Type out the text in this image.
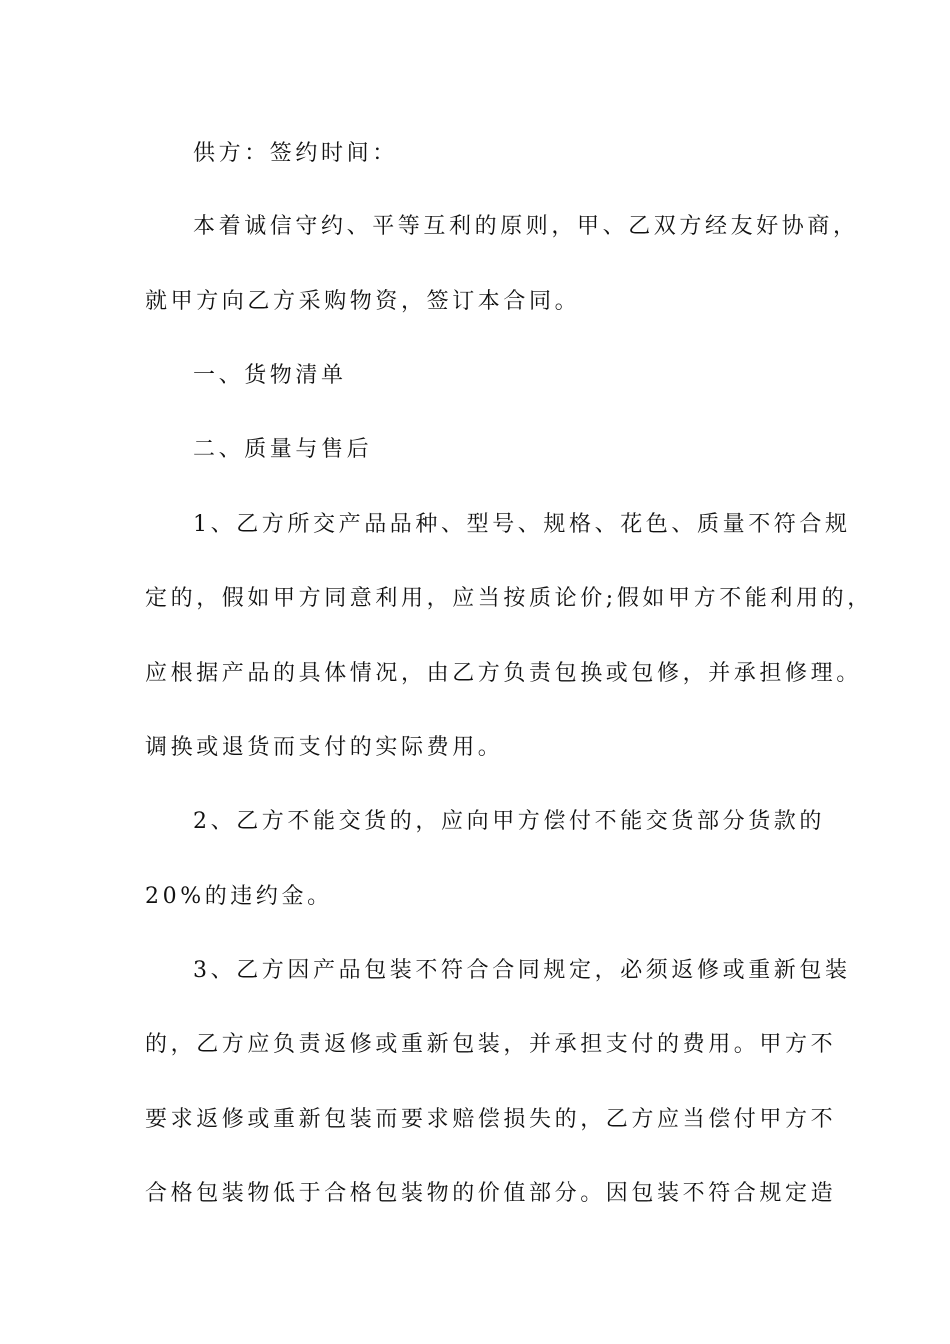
供方：签约时间：

本着诚信守约、平等互利的原则，甲、乙双方经友好协商，

就甲方向乙方采购物资，签订本合同。

一、货物清单

二、质量与售后

1、乙方所交产品品种、型号、规格、花色、质量不符合规

定的，假如甲方同意利用，应当按质论价;假如甲方不能利用的，

应根据产品的具体情况，由乙方负责包换或包修，并承担修理。

调换或退货而支付的实际费用。

2、乙方不能交货的，应向甲方偿付不能交货部分货款的

20%的违约金。

3、乙方因产品包装不符合合同规定，必须返修或重新包装

的，乙方应负责返修或重新包装，并承担支付的费用。甲方不

要求返修或重新包装而要求赔偿损失的，乙方应当偿付甲方不

合格包装物低于合格包装物的价值部分。因包装不符合规定造
